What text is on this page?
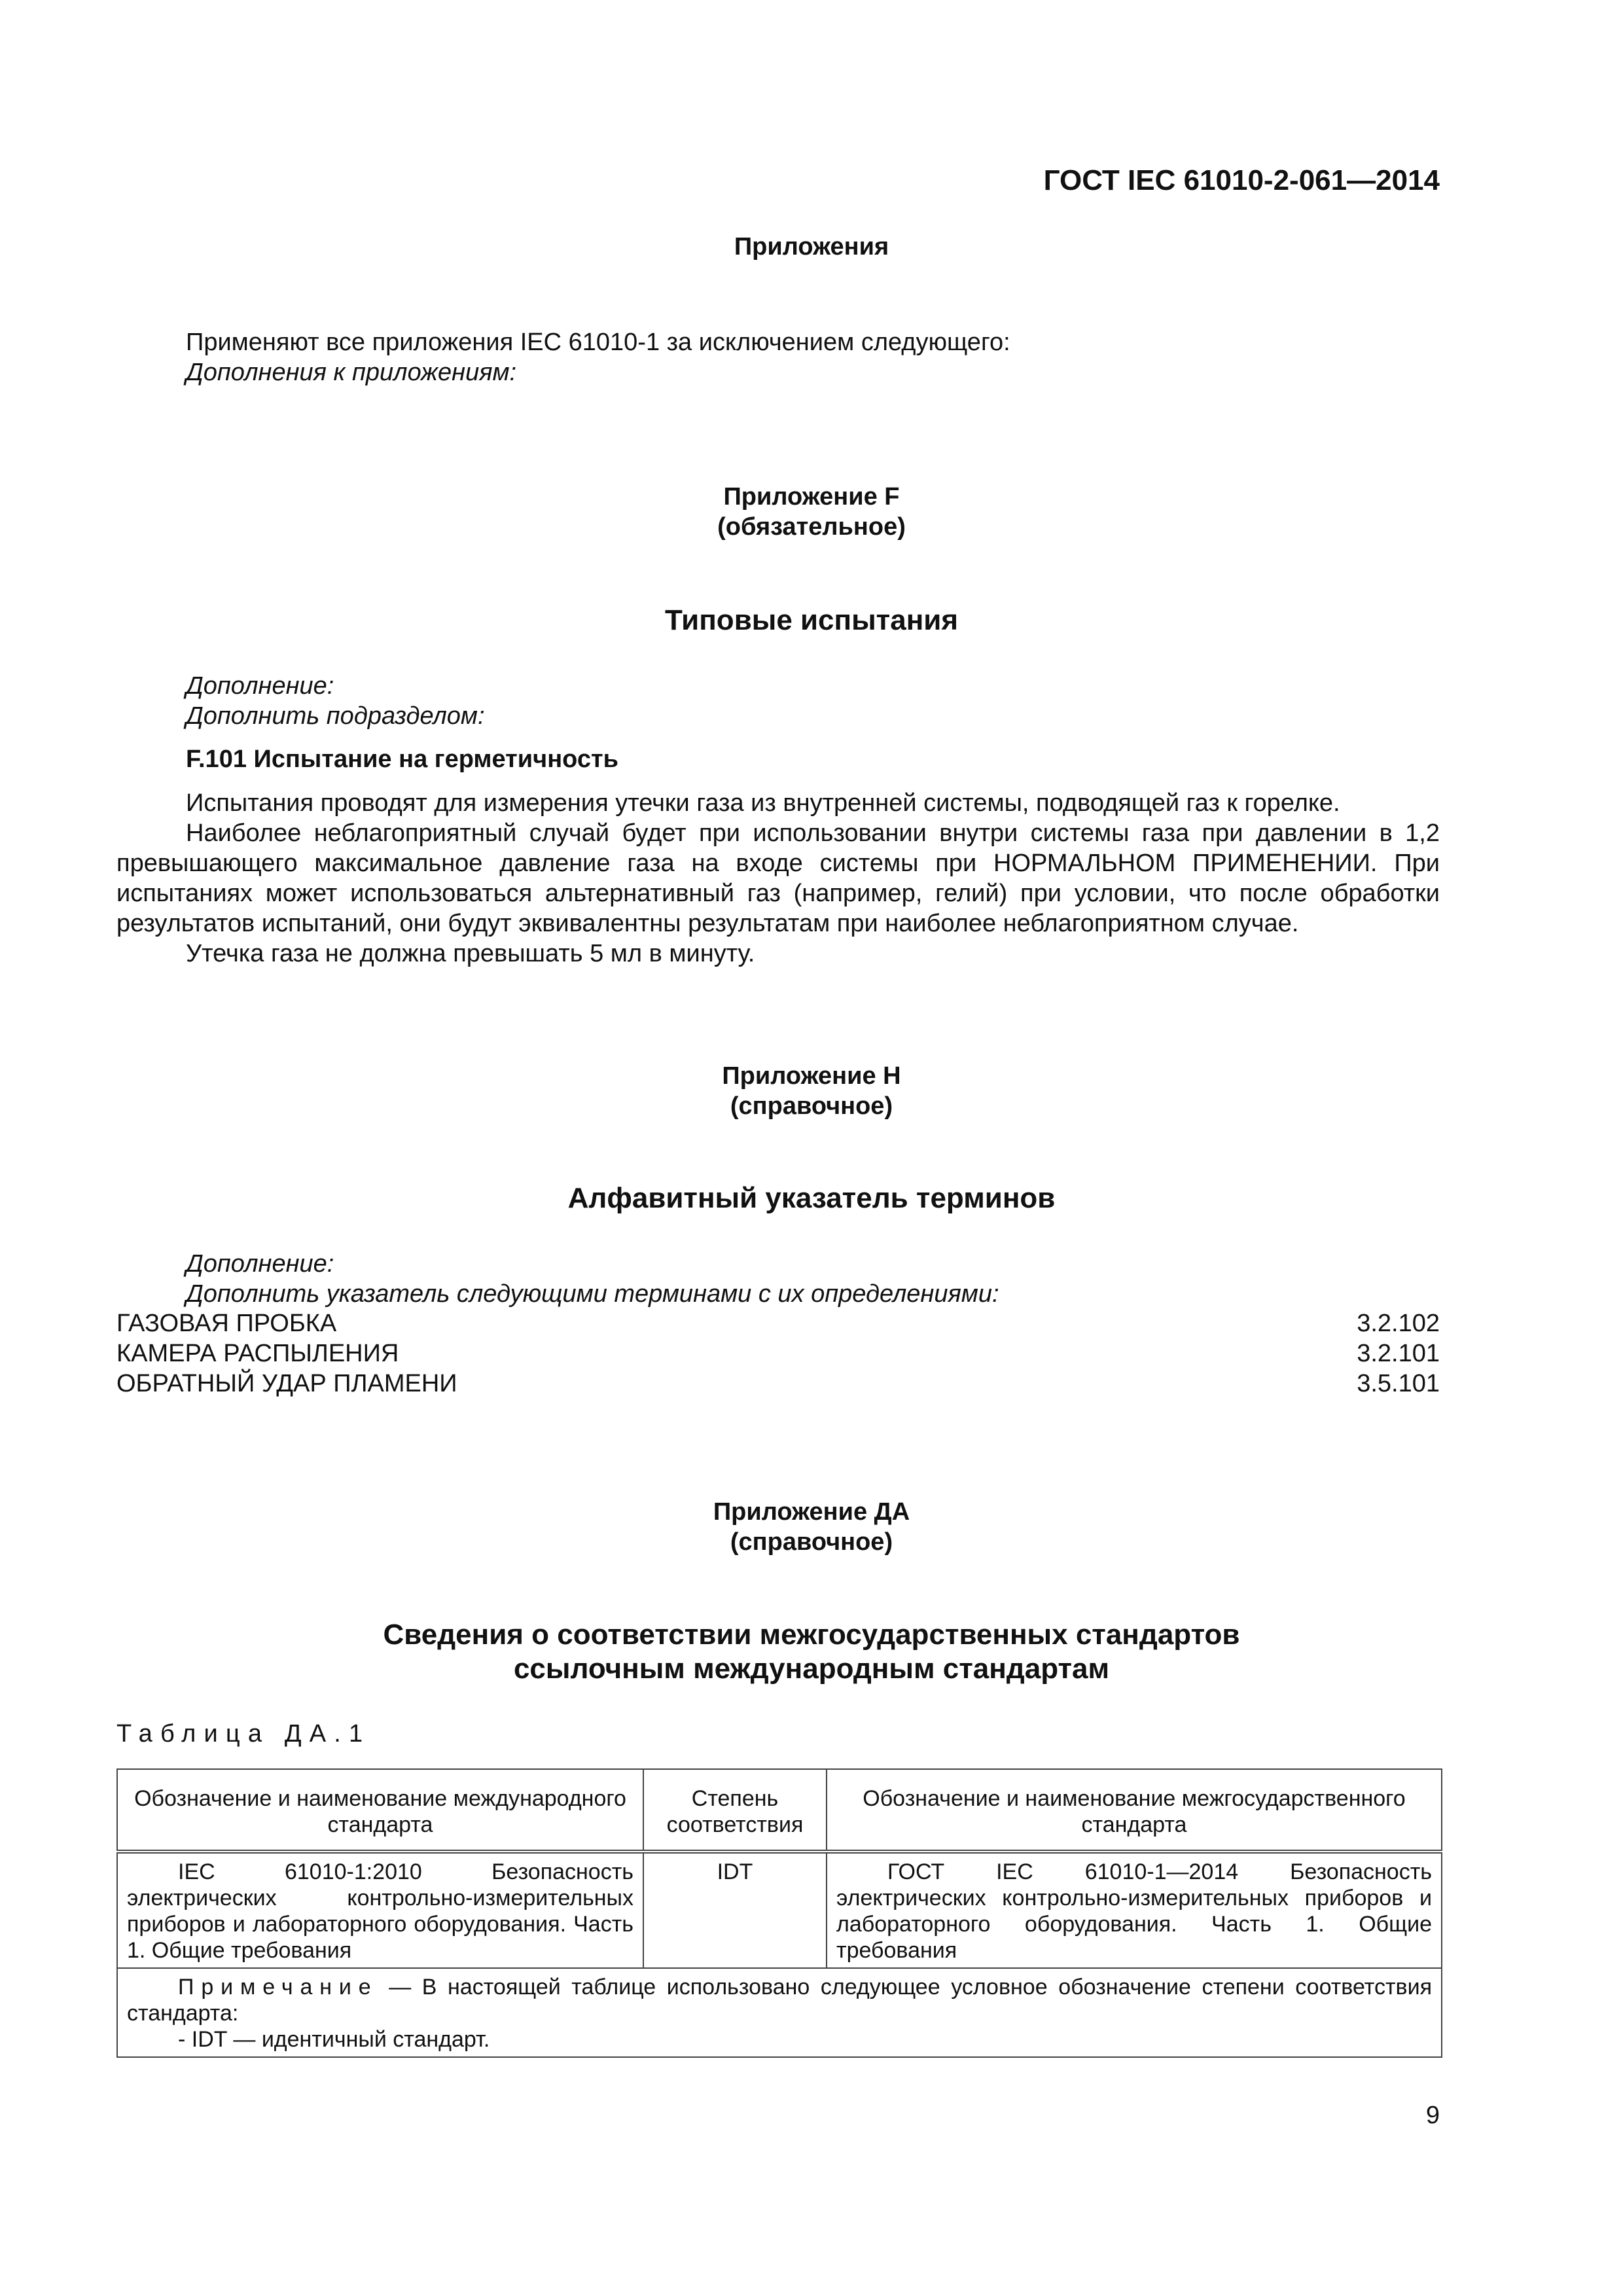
ГОСТ IEC 61010-2-061—2014
Приложения
Применяют все приложения IEC 61010-1 за исключением следующего:
Дополнения к приложениям:
Приложение F
(обязательное)
Типовые испытания
Дополнение:
Дополнить подразделом:
F.101 Испытание на герметичность
Испытания проводят для измерения утечки газа из внутренней системы, подводящей газ к горелке.
Наиболее неблагоприятный случай будет при использовании внутри системы газа при давлении в 1,2 превышающего максимальное давление газа на входе системы при НОРМАЛЬНОМ ПРИМЕНЕНИИ. При испытаниях может использоваться альтернативный газ (например, гелий) при условии, что после обработки результатов испытаний, они будут эквивалентны результатам при наиболее неблагоприятном случае.
Утечка газа не должна превышать 5 мл в минуту.
Приложение Н
(справочное)
Алфавитный указатель терминов
Дополнение:
Дополнить указатель следующими терминами с их определениями:
ГАЗОВАЯ ПРОБКА	3.2.102
КАМЕРА РАСПЫЛЕНИЯ	3.2.101
ОБРАТНЫЙ УДАР ПЛАМЕНИ	3.5.101
Приложение ДА
(справочное)
Сведения о соответствии межгосударственных стандартов
ссылочным международным стандартам
Таблица ДА.1
Обозначение и наименование международного стандарта	Степень соответствия	Обозначение и наименование межгосударственного стандарта
IEC 61010-1:2010 Безопасность электрических контрольно-измерительных приборов и лабораторного оборудования. Часть 1. Общие требования	IDT	ГОСТ IEC 61010-1—2014 Безопасность электрических контрольно-измерительных приборов и лабораторного оборудования. Часть 1. Общие требования

Примечание — В настоящей таблице использовано следующее условное обозначение степени соответствия стандарта:
- IDT — идентичный стандарт.		
9
